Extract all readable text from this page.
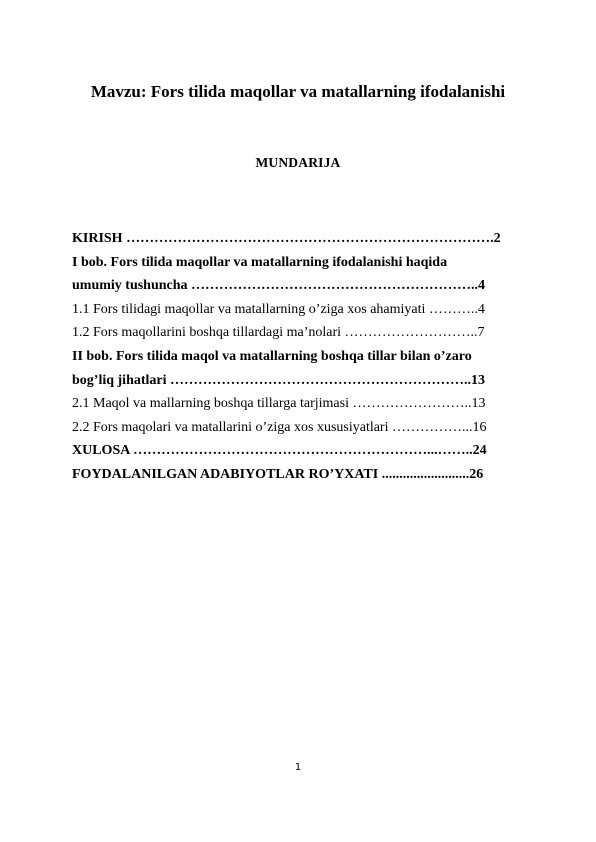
Mavzu: Fors tilida maqollar va matallarning ifodalanishi
MUNDARIJA
KIRISH …………………………………………………………………….2
I bob. Fors tilida maqollar va matallarning ifodalanishi haqida
umumiy tushuncha ……………………………………………………..4
1.1 Fors tilidagi maqollar va matallarning o’ziga xos ahamiyati ………..4
1.2 Fors maqollarini boshqa tillardagi ma’nolari ………………………..7
II bob. Fors tilida maqol va matallarning boshqa tillar bilan o’zaro
bog’liq jihatlari ………………………………………………………..13
2.1 Maqol va mallarning boshqa tillarga tarjimasi ……………………..13
2.2 Fors maqolari va matallarini o’ziga xos xususiyatlari ……………...16
XULOSA ………………………………………………………...……..24
FOYDALANILGAN ADABIYOTLAR RO’YXATI .........................26
1
